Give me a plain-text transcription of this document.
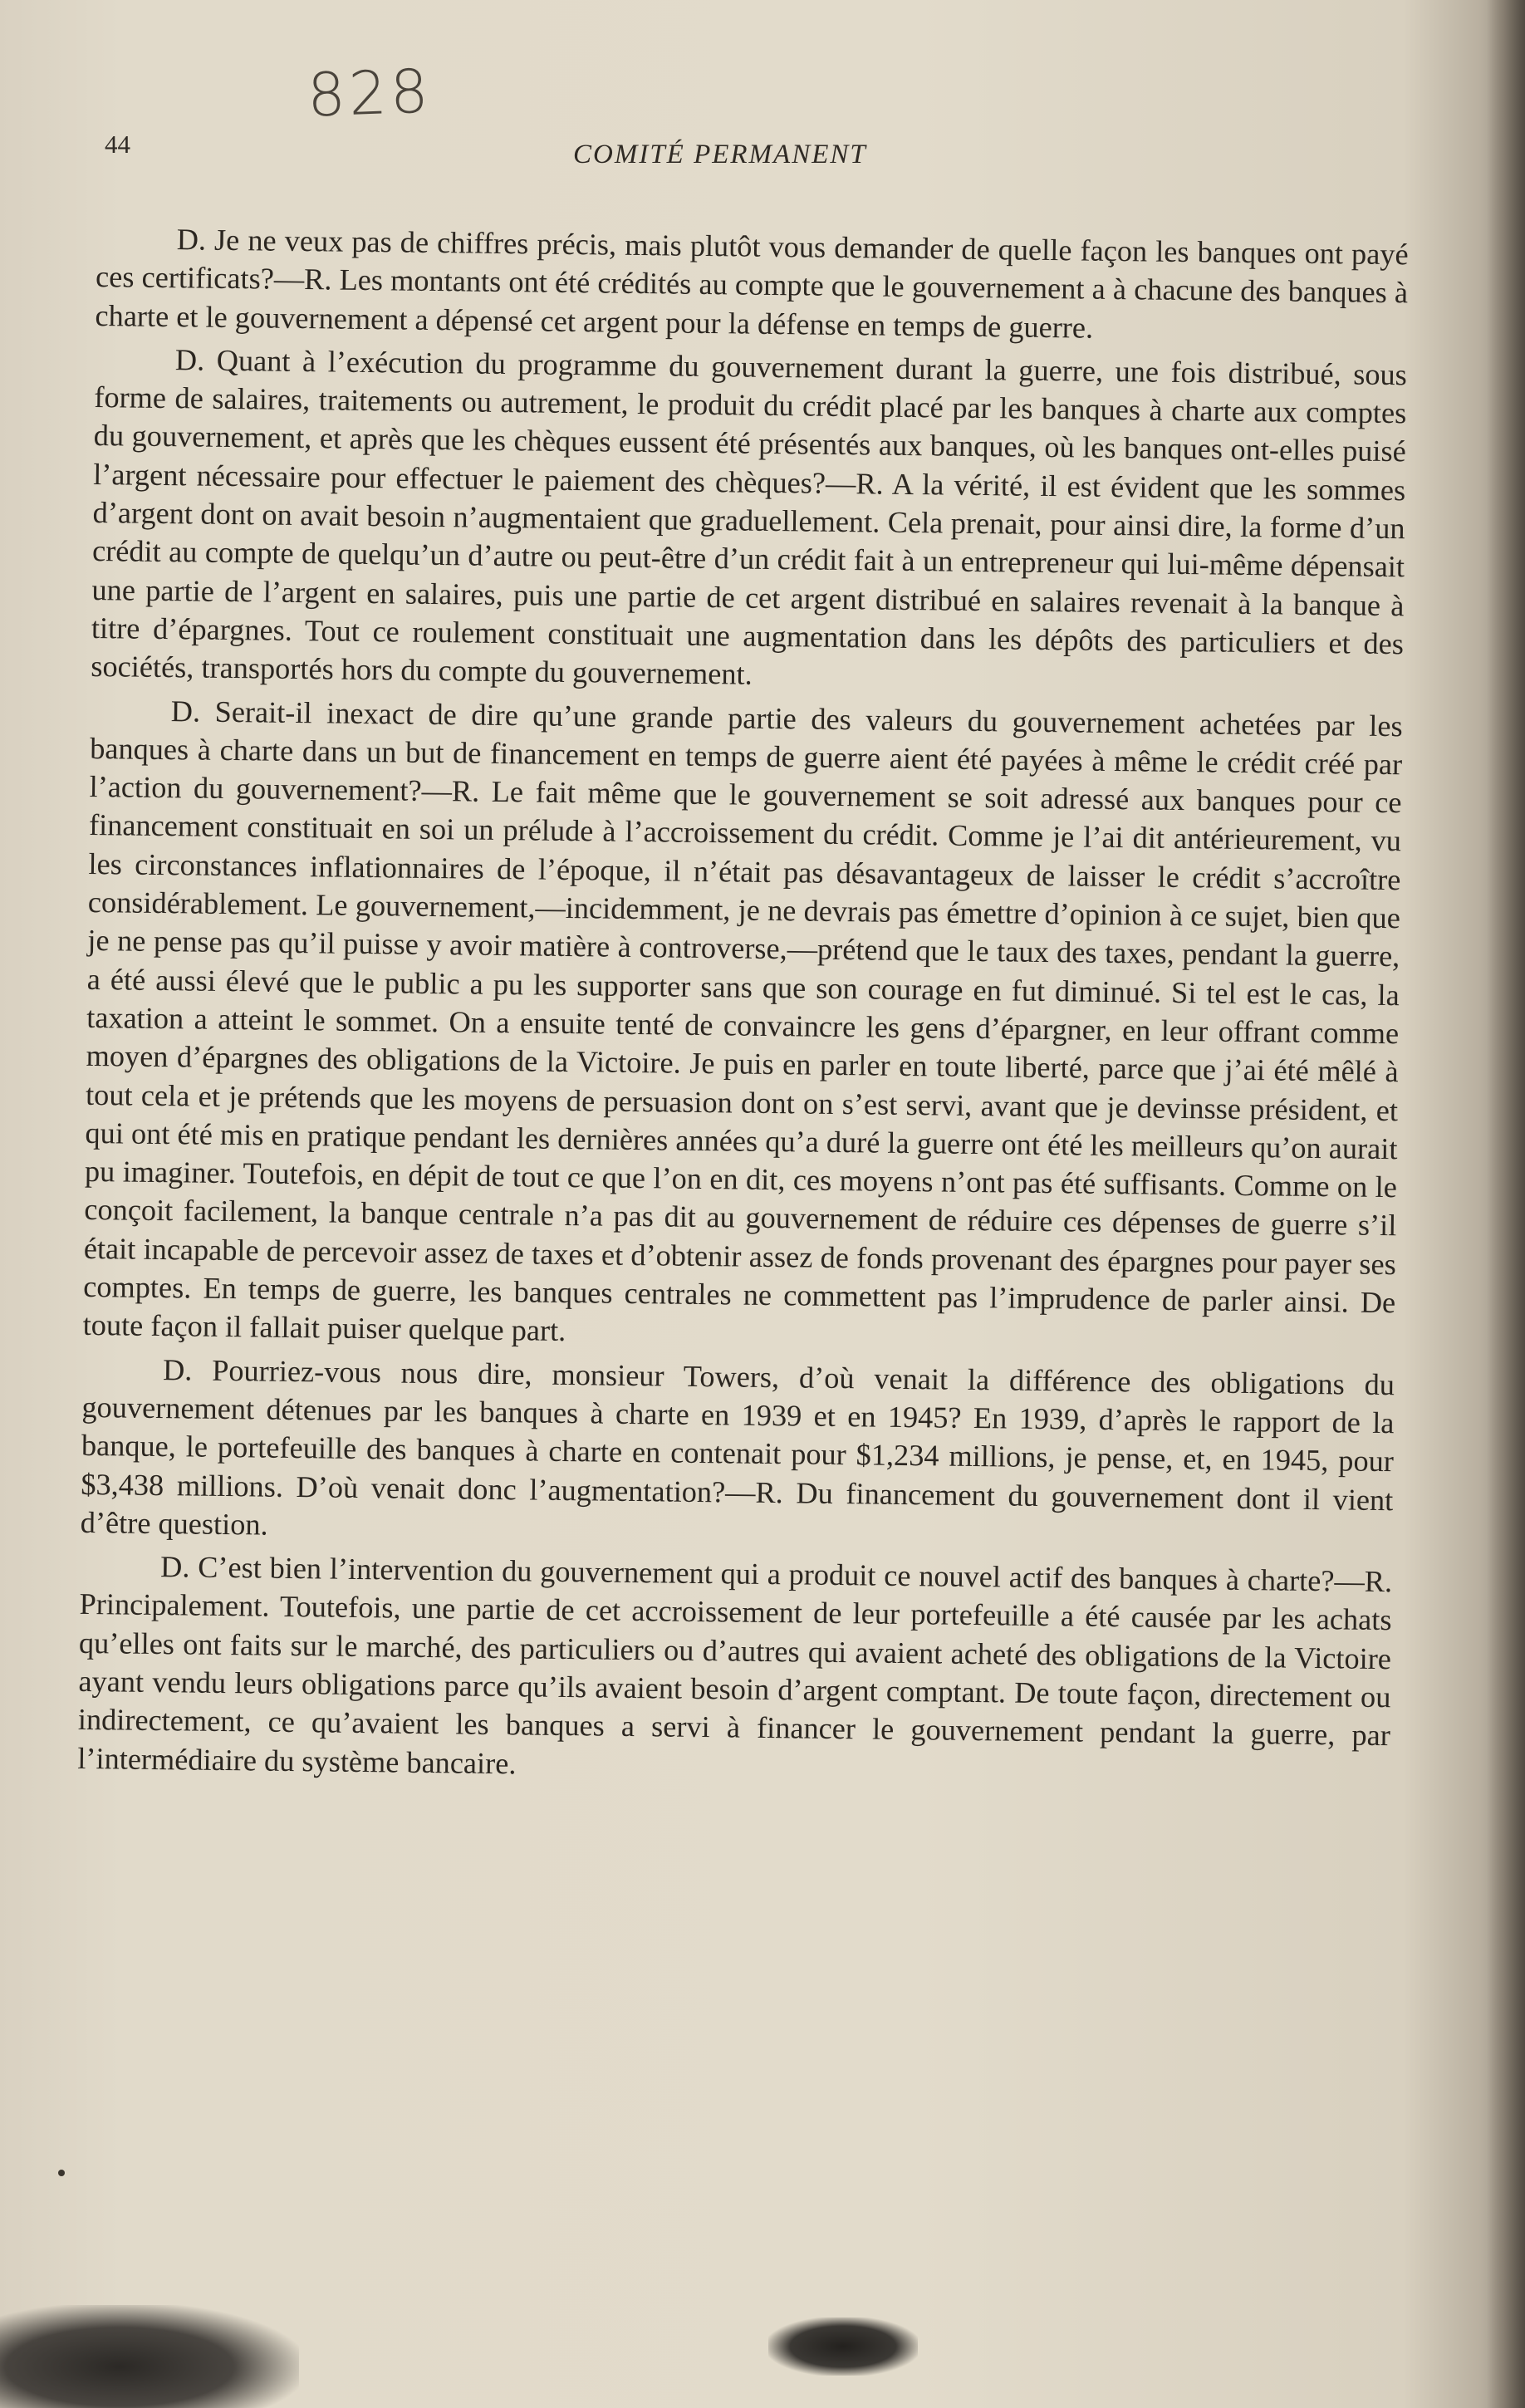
828
44	COMITÉ PERMANENT

D. Je ne veux pas de chiffres précis, mais plutôt vous demander de quelle façon les banques ont payé ces certificats?—R. Les montants ont été crédités au compte que le gouvernement a à chacune des banques à charte et le gouvernement a dépensé cet argent pour la défense en temps de guerre.

D. Quant à l’exécution du programme du gouvernement durant la guerre, une fois distribué, sous forme de salaires, traitements ou autrement, le produit du crédit placé par les banques à charte aux comptes du gouvernement, et après que les chèques eussent été présentés aux banques, où les banques ont-elles puisé l’argent nécessaire pour effectuer le paiement des chèques?—R. A la vérité, il est évident que les sommes d’argent dont on avait besoin n’augmentaient que graduellement. Cela prenait, pour ainsi dire, la forme d’un crédit au compte de quelqu’un d’autre ou peut-être d’un crédit fait à un entrepreneur qui lui-même dépensait une partie de l’argent en salaires, puis une partie de cet argent distribué en salaires revenait à la banque à titre d’épargnes. Tout ce roulement constituait une augmentation dans les dépôts des particuliers et des sociétés, transportés hors du compte du gouvernement.

D. Serait-il inexact de dire qu’une grande partie des valeurs du gouvernement achetées par les banques à charte dans un but de financement en temps de guerre aient été payées à même le crédit créé par l’action du gouvernement?—R. Le fait même que le gouvernement se soit adressé aux banques pour ce financement constituait en soi un prélude à l’accroissement du crédit. Comme je l’ai dit antérieurement, vu les circonstances inflationnaires de l’époque, il n’était pas désavantageux de laisser le crédit s’accroître considérablement. Le gouvernement,—incidemment, je ne devrais pas émettre d’opinion à ce sujet, bien que je ne pense pas qu’il puisse y avoir matière à controverse,—prétend que le taux des taxes, pendant la guerre, a été aussi élevé que le public a pu les supporter sans que son courage en fut diminué. Si tel est le cas, la taxation a atteint le sommet. On a ensuite tenté de convaincre les gens d’épargner, en leur offrant comme moyen d’épargnes des obligations de la Victoire. Je puis en parler en toute liberté, parce que j’ai été mêlé à tout cela et je prétends que les moyens de persuasion dont on s’est servi, avant que je devinsse président, et qui ont été mis en pratique pendant les dernières années qu’a duré la guerre ont été les meilleurs qu’on aurait pu imaginer. Toutefois, en dépit de tout ce que l’on en dit, ces moyens n’ont pas été suffisants. Comme on le conçoit facilement, la banque centrale n’a pas dit au gouvernement de réduire ces dépenses de guerre s’il était incapable de percevoir assez de taxes et d’obtenir assez de fonds provenant des épargnes pour payer ses comptes. En temps de guerre, les banques centrales ne commettent pas l’imprudence de parler ainsi. De toute façon il fallait puiser quelque part.

D. Pourriez-vous nous dire, monsieur Towers, d’où venait la différence des obligations du gouvernement détenues par les banques à charte en 1939 et en 1945? En 1939, d’après le rapport de la banque, le portefeuille des banques à charte en contenait pour $1,234 millions, je pense, et, en 1945, pour $3,438 millions. D’où venait donc l’augmentation?—R. Du financement du gouvernement dont il vient d’être question.

D. C’est bien l’intervention du gouvernement qui a produit ce nouvel actif des banques à charte?—R. Principalement. Toutefois, une partie de cet accroissement de leur portefeuille a été causée par les achats qu’elles ont faits sur le marché, des particuliers ou d’autres qui avaient acheté des obligations de la Victoire ayant vendu leurs obligations parce qu’ils avaient besoin d’argent comptant. De toute façon, directement ou indirectement, ce qu’avaient les banques a servi à financer le gouvernement pendant la guerre, par l’intermédiaire du système bancaire.
